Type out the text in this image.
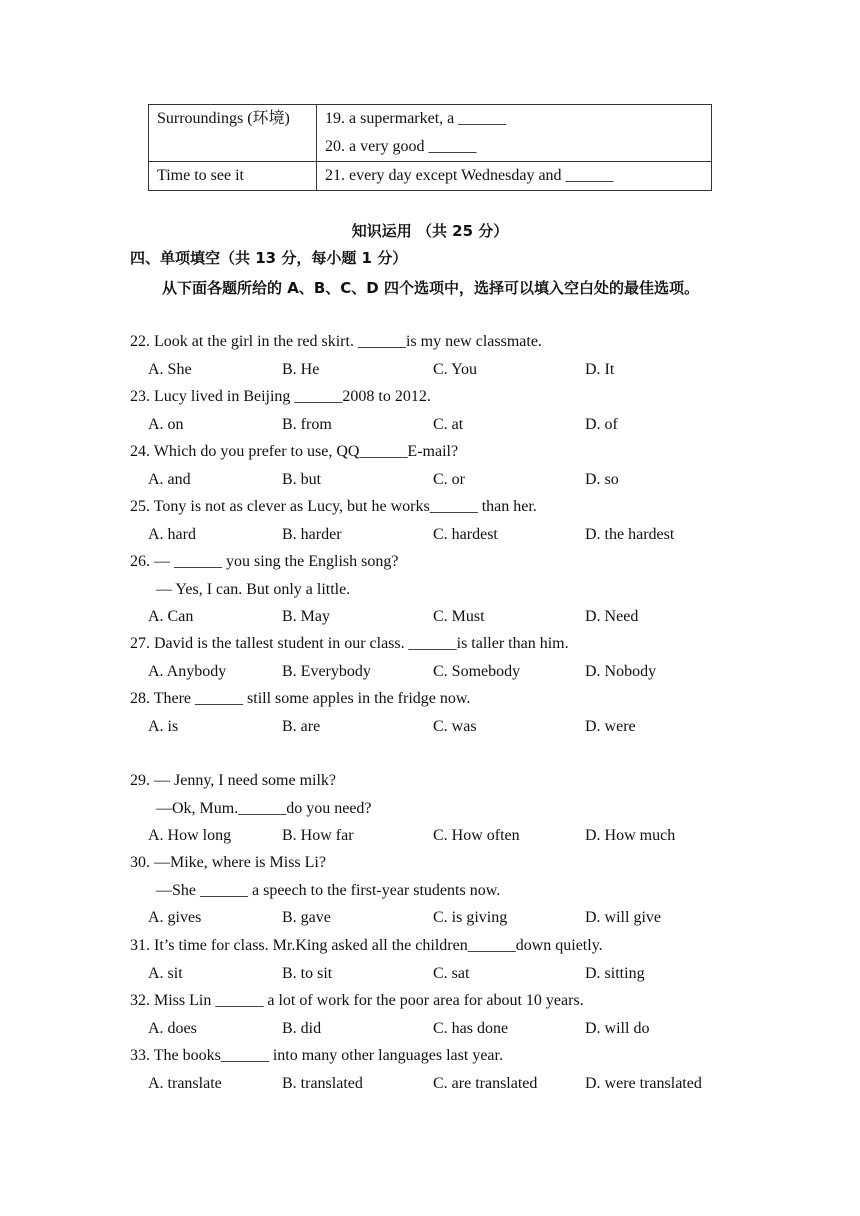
Surroundings (环境)	19. a supermarket, a ______
20. a very good ______

Time to see it	21. every day except Wednesday and ______
知识运用 （共 25 分）
四、单项填空（共 13 分，每小题 1 分）
从下面各题所给的 A、B、C、D 四个选项中，选择可以填入空白处的最佳选项。
22. Look at the girl in the red skirt. ______is my new classmate.
A. She	B. He	C. You	D. It
23. Lucy lived in Beijing ______2008 to 2012.
A. on	B. from	C. at	D. of
24. Which do you prefer to use, QQ______E-mail?
A. and	B. but	C. or	D. so
25. Tony is not as clever as Lucy, but he works______ than her.
A. hard	B. harder	C. hardest	D. the hardest
26. — ______ you sing the English song?
— Yes, I can. But only a little.
A. Can	B. May	C. Must	D. Need
27. David is the tallest student in our class. ______is taller than him.
A. Anybody	B. Everybody	C. Somebody	D. Nobody
28. There ______ still some apples in the fridge now.
A. is	B. are	C. was	D. were
29. — Jenny, I need some milk?
—Ok, Mum.______do you need?
A. How long	B. How far	C. How often	D. How much
30. —Mike, where is Miss Li?
—She ______ a speech to the first-year students now.
A. gives	B. gave	C. is giving	D. will give
31. It’s time for class. Mr.King asked all the children______down quietly.
A. sit	B. to sit	C. sat	D. sitting
32. Miss Lin ______ a lot of work for the poor area for about 10 years.
A. does	B. did	C. has done	D. will do
33. The books______ into many other languages last year.
A. translate	B. translated	C. are translated	D. were translated
